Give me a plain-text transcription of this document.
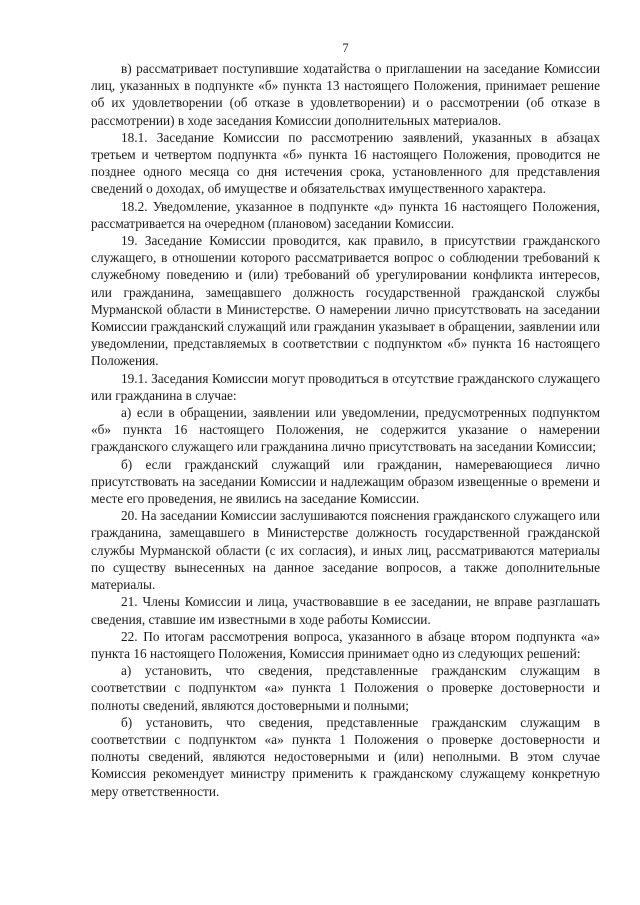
7

в) рассматривает поступившие ходатайства о приглашении на заседание Комиссии лиц, указанных в подпункте «б» пункта 13 настоящего Положения, принимает решение об их удовлетворении (об отказе в удовлетворении) и о рассмотрении (об отказе в рассмотрении) в ходе заседания Комиссии дополнительных материалов.

18.1. Заседание Комиссии по рассмотрению заявлений, указанных в абзацах третьем и четвертом подпункта «б» пункта 16 настоящего Положения, проводится не позднее одного месяца со дня истечения срока, установленного для представления сведений о доходах, об имуществе и обязательствах имущественного характера.

18.2. Уведомление, указанное в подпункте «д» пункта 16 настоящего Положения, рассматривается на очередном (плановом) заседании Комиссии.

19. Заседание Комиссии проводится, как правило, в присутствии гражданского служащего, в отношении которого рассматривается вопрос о соблюдении требований к служебному поведению и (или) требований об урегулировании конфликта интересов, или гражданина, замещавшего должность государственной гражданской службы Мурманской области в Министерстве. О намерении лично присутствовать на заседании Комиссии гражданский служащий или гражданин указывает в обращении, заявлении или уведомлении, представляемых в соответствии с подпунктом «б» пункта 16 настоящего Положения.

19.1. Заседания Комиссии могут проводиться в отсутствие гражданского служащего или гражданина в случае:

а) если в обращении, заявлении или уведомлении, предусмотренных подпунктом «б» пункта 16 настоящего Положения, не содержится указание о намерении гражданского служащего или гражданина лично присутствовать на заседании Комиссии;

б) если гражданский служащий или гражданин, намеревающиеся лично присутствовать на заседании Комиссии и надлежащим образом извещенные о времени и месте его проведения, не явились на заседание Комиссии.

20. На заседании Комиссии заслушиваются пояснения гражданского служащего или гражданина, замещавшего в Министерстве должность государственной гражданской службы Мурманской области (с их согласия), и иных лиц, рассматриваются материалы по существу вынесенных на данное заседание вопросов, а также дополнительные материалы.

21. Члены Комиссии и лица, участвовавшие в ее заседании, не вправе разглашать сведения, ставшие им известными в ходе работы Комиссии.

22. По итогам рассмотрения вопроса, указанного в абзаце втором подпункта «а» пункта 16 настоящего Положения, Комиссия принимает одно из следующих решений:

а) установить, что сведения, представленные гражданским служащим в соответствии с подпунктом «а» пункта 1 Положения о проверке достоверности и полноты сведений, являются достоверными и полными;

б) установить, что сведения, представленные гражданским служащим в соответствии с подпунктом «а» пункта 1 Положения о проверке достоверности и полноты сведений, являются недостоверными и (или) неполными. В этом случае Комиссия рекомендует министру применить к гражданскому служащему конкретную меру ответственности.
